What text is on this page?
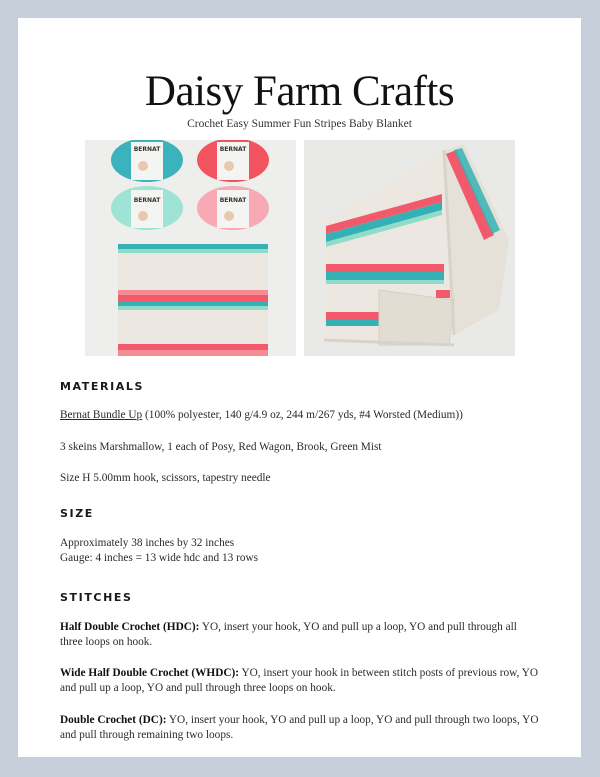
Daisy Farm Crafts
Crochet Easy Summer Fun Stripes Baby Blanket
BERNAT	BERNAT
BERNAT	BERNAT
MATERIALS
Bernat Bundle Up (100% polyester, 140 g/4.9 oz, 244 m/267 yds, #4 Worsted (Medium))
3 skeins Marshmallow, 1 each of Posy, Red Wagon, Brook, Green Mist
Size H 5.00mm hook, scissors, tapestry needle
SIZE
Approximately 38 inches by 32 inches
Gauge: 4 inches = 13 wide hdc and 13 rows
STITCHES
Half Double Crochet (HDC): YO, insert your hook, YO and pull up a loop, YO and pull through all three loops on hook.
Wide Half Double Crochet (WHDC): YO, insert your hook in between stitch posts of previous row, YO and pull up a loop, YO and pull through three loops on hook.
Double Crochet (DC): YO, insert your hook, YO and pull up a loop, YO and pull through two loops, YO and pull through remaining two loops.
